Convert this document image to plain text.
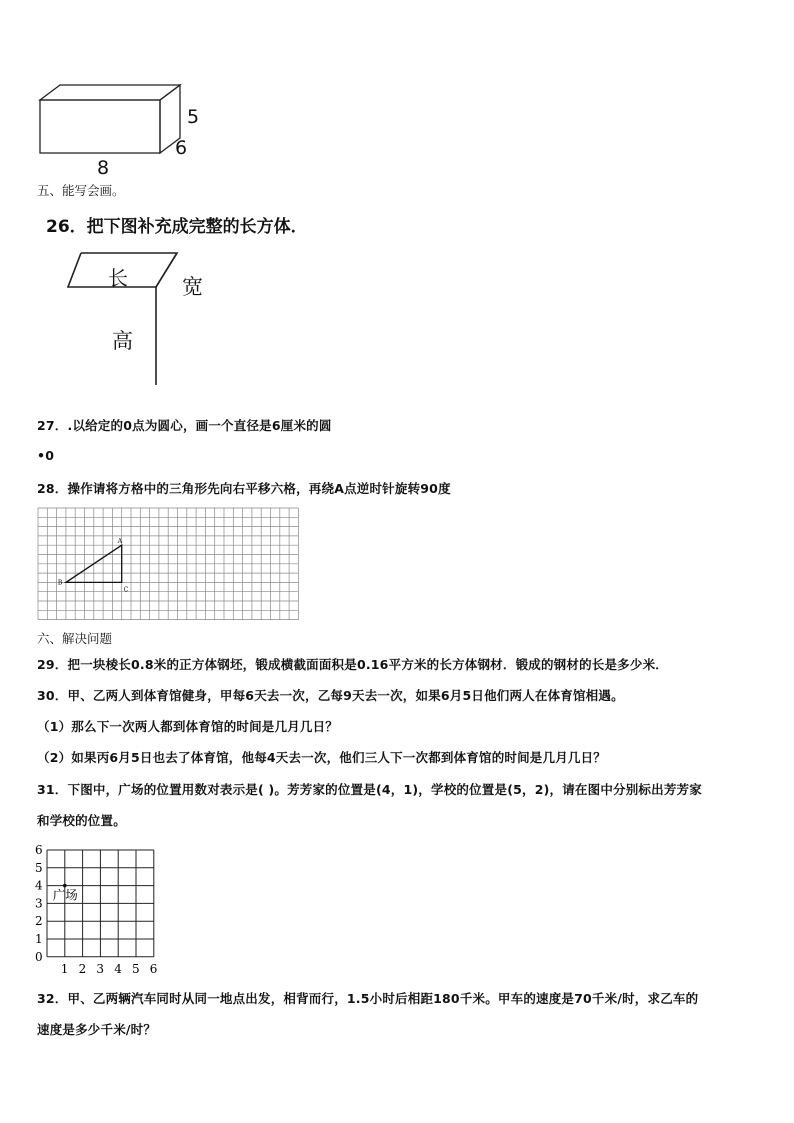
5
6
8
五、能写会画。
26．把下图补充成完整的长方体．
长	宽
高
27．.以给定的0点为圆心，画一个直径是6厘米的圆
•0
28．操作请将方格中的三角形先向右平移六格，再绕A点逆时针旋转90度
A
B
C
六、解决问题
29．把一块棱长0.8米的正方体钢坯，锻成横截面面积是0.16平方米的长方体钢材．锻成的钢材的长是多少米．
30．甲、乙两人到体育馆健身，甲每6天去一次，乙每9天去一次，如果6月5日他们两人在体育馆相遇。
（1）那么下一次两人都到体育馆的时间是几月几日？
（2）如果丙6月5日也去了体育馆，他每4天去一次，他们三人下一次都到体育馆的时间是几月几日？
31．下图中，广场的位置用数对表示是( )。芳芳家的位置是(4，1)，学校的位置是(5，2)，请在图中分别标出芳芳家
和学校的位置。
6
5
4
3
2
1
0
1 2 3 4 5 6
广场
32．甲、乙两辆汽车同时从同一地点出发，相背而行，1.5小时后相距180千米。甲车的速度是70千米/时，求乙车的
速度是多少千米/时？
